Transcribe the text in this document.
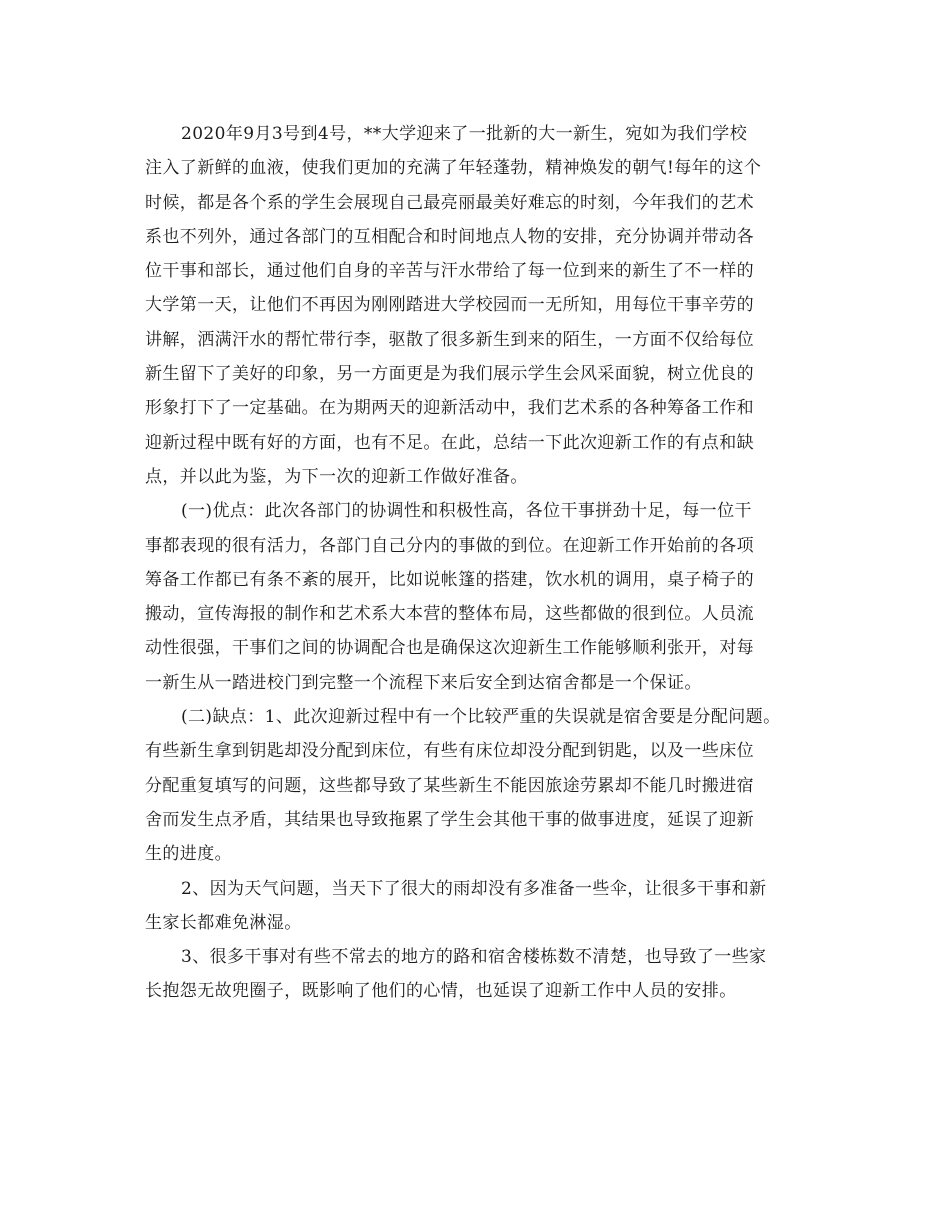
2020年9月3号到4号，**大学迎来了一批新的大一新生，宛如为我们学校
注入了新鲜的血液，使我们更加的充满了年轻蓬勃，精神焕发的朝气!每年的这个
时候，都是各个系的学生会展现自己最亮丽最美好难忘的时刻，今年我们的艺术
系也不列外，通过各部门的互相配合和时间地点人物的安排，充分协调并带动各
位干事和部长，通过他们自身的辛苦与汗水带给了每一位到来的新生了不一样的
大学第一天，让他们不再因为刚刚踏进大学校园而一无所知，用每位干事辛劳的
讲解，洒满汗水的帮忙带行李，驱散了很多新生到来的陌生，一方面不仅给每位
新生留下了美好的印象，另一方面更是为我们展示学生会风采面貌，树立优良的
形象打下了一定基础。在为期两天的迎新活动中，我们艺术系的各种筹备工作和
迎新过程中既有好的方面，也有不足。在此，总结一下此次迎新工作的有点和缺
点，并以此为鉴，为下一次的迎新工作做好准备。
(一)优点：此次各部门的协调性和积极性高，各位干事拼劲十足，每一位干
事都表现的很有活力，各部门自己分内的事做的到位。在迎新工作开始前的各项
筹备工作都已有条不紊的展开，比如说帐篷的搭建，饮水机的调用，桌子椅子的
搬动，宣传海报的制作和艺术系大本营的整体布局，这些都做的很到位。人员流
动性很强，干事们之间的协调配合也是确保这次迎新生工作能够顺利张开，对每
一新生从一踏进校门到完整一个流程下来后安全到达宿舍都是一个保证。
(二)缺点：1、此次迎新过程中有一个比较严重的失误就是宿舍要是分配问题。
有些新生拿到钥匙却没分配到床位，有些有床位却没分配到钥匙，以及一些床位
分配重复填写的问题，这些都导致了某些新生不能因旅途劳累却不能几时搬进宿
舍而发生点矛盾，其结果也导致拖累了学生会其他干事的做事进度，延误了迎新
生的进度。
2、因为天气问题，当天下了很大的雨却没有多准备一些伞，让很多干事和新
生家长都难免淋湿。
3、很多干事对有些不常去的地方的路和宿舍楼栋数不清楚，也导致了一些家
长抱怨无故兜圈子，既影响了他们的心情，也延误了迎新工作中人员的安排。
